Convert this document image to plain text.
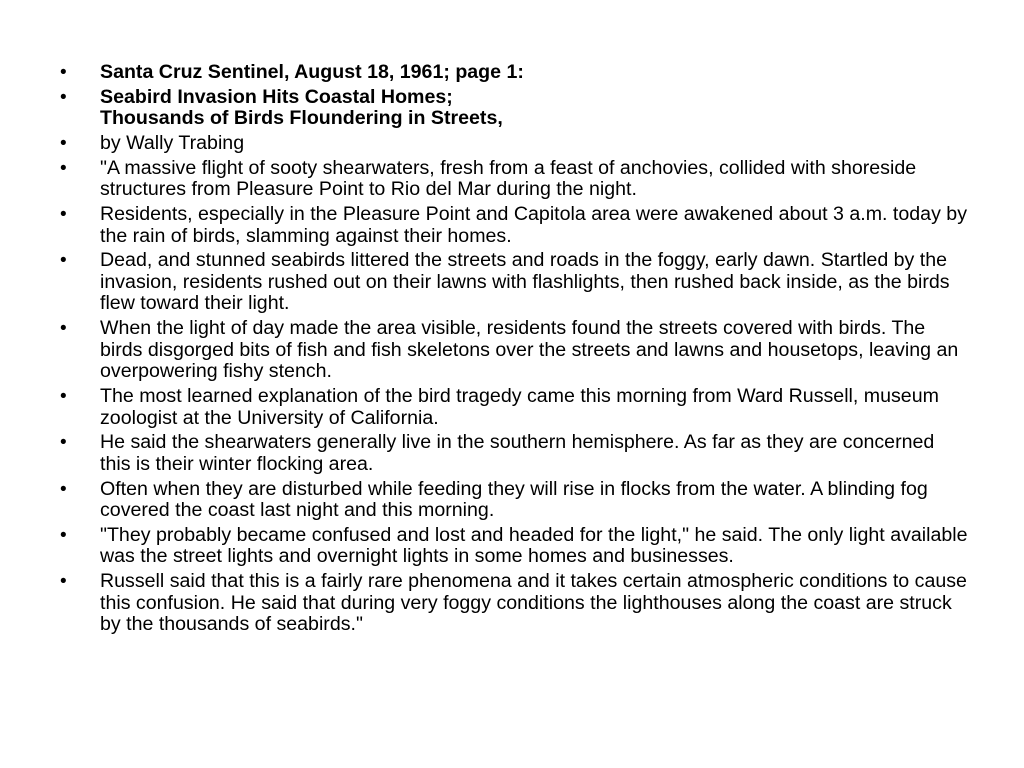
•	Santa Cruz Sentinel, August 18, 1961; page 1:
•	Seabird Invasion Hits Coastal Homes;
Thousands of Birds Floundering in Streets,
•	by Wally Trabing
•	"A massive flight of sooty shearwaters, fresh from a feast of anchovies, collided with shoreside structures from Pleasure Point to Rio del Mar during the night.
•	Residents, especially in the Pleasure Point and Capitola area were awakened about 3 a.m. today by the rain of birds, slamming against their homes.
•	Dead, and stunned seabirds littered the streets and roads in the foggy, early dawn. Startled by the invasion, residents rushed out on their lawns with flashlights, then rushed back inside, as the birds flew toward their light.
•	When the light of day made the area visible, residents found the streets covered with birds. The birds disgorged bits of fish and fish skeletons over the streets and lawns and housetops, leaving an overpowering fishy stench.
•	The most learned explanation of the bird tragedy came this morning from Ward Russell, museum zoologist at the University of California.
•	He said the shearwaters generally live in the southern hemisphere. As far as they are concerned this is their winter flocking area.
•	Often when they are disturbed while feeding they will rise in flocks from the water. A blinding fog covered the coast last night and this morning.
•	"They probably became confused and lost and headed for the light," he said. The only light available was the street lights and overnight lights in some homes and businesses.
•	Russell said that this is a fairly rare phenomena and it takes certain atmospheric conditions to cause this confusion. He said that during very foggy conditions the lighthouses along the coast are struck by the thousands of seabirds."
